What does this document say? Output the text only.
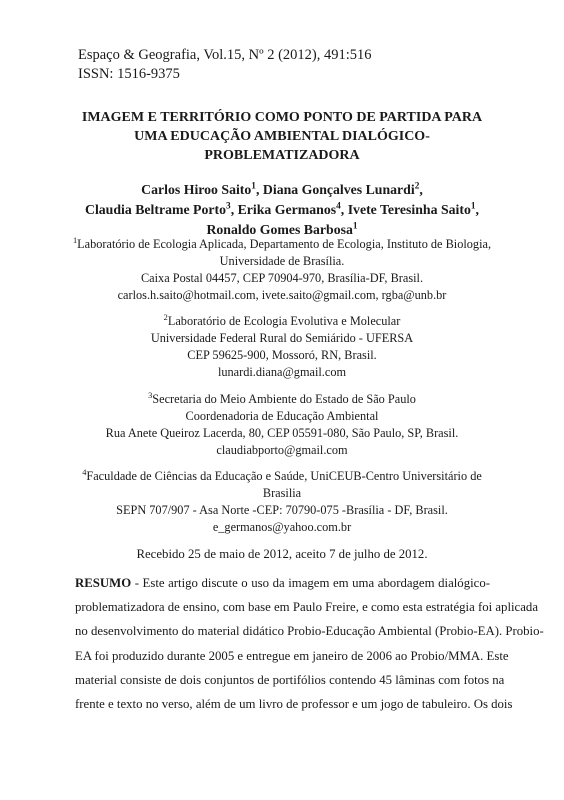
Espaço & Geografia, Vol.15, Nº 2 (2012), 491:516
ISSN: 1516-9375
IMAGEM E TERRITÓRIO COMO PONTO DE PARTIDA PARA
UMA EDUCAÇÃO AMBIENTAL DIALÓGICO-
PROBLEMATIZADORA
Carlos Hiroo Saito$^1$, Diana Gonçalves Lunardi$^2$,
Claudia Beltrame Porto$^3$, Erika Germanos$^4$, Ivete Teresinha Saito$^1$,
Ronaldo Gomes Barbosa$^1$
$^1$Laboratório de Ecologia Aplicada, Departamento de Ecologia, Instituto de Biologia,
Universidade de Brasília.
Caixa Postal 04457, CEP 70904-970, Brasília-DF, Brasil.
carlos.h.saito@hotmail.com, ivete.saito@gmail.com, rgba@unb.br
$^2$Laboratório de Ecologia Evolutiva e Molecular
Universidade Federal Rural do Semiárido - UFERSA
CEP 59625-900, Mossoró, RN, Brasil.
lunardi.diana@gmail.com
$^3$Secretaria do Meio Ambiente do Estado de São Paulo
Coordenadoria de Educação Ambiental
Rua Anete Queiroz Lacerda, 80, CEP 05591-080, São Paulo, SP, Brasil.
claudiabporto@gmail.com
$^4$Faculdade de Ciências da Educação e Saúde, UniCEUB-Centro Universitário de
Brasilia
SEPN 707/907 - Asa Norte -CEP: 70790-075 -Brasília - DF, Brasil.
e_germanos@yahoo.com.br
Recebido 25 de maio de 2012, aceito 7 de julho de 2012.
RESUMO - Este artigo discute o uso da imagem em uma abordagem dialógico-
problematizadora de ensino, com base em Paulo Freire, e como esta estratégia foi aplicada
no desenvolvimento do material didático Probio-Educação Ambiental (Probio-EA). Probio-
EA foi produzido durante 2005 e entregue em janeiro de 2006 ao Probio/MMA. Este
material consiste de dois conjuntos de portifólios contendo 45 lâminas com fotos na
frente e texto no verso, além de um livro de professor e um jogo de tabuleiro. Os dois
